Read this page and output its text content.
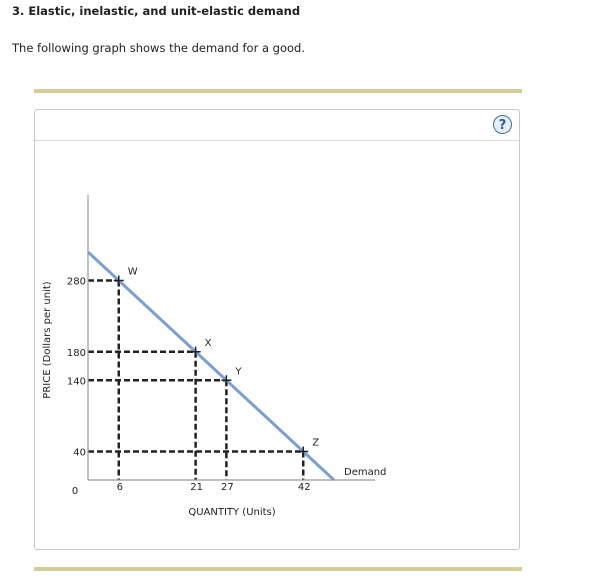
3. Elastic, inelastic, and unit-elastic demand

The following graph shows the demand for a good.

?
Demand
280
180
140
40
6	21 27	42
W
X
Y
Z
0
QUANTITY (Units)
PRICE (Dollars per unit)
